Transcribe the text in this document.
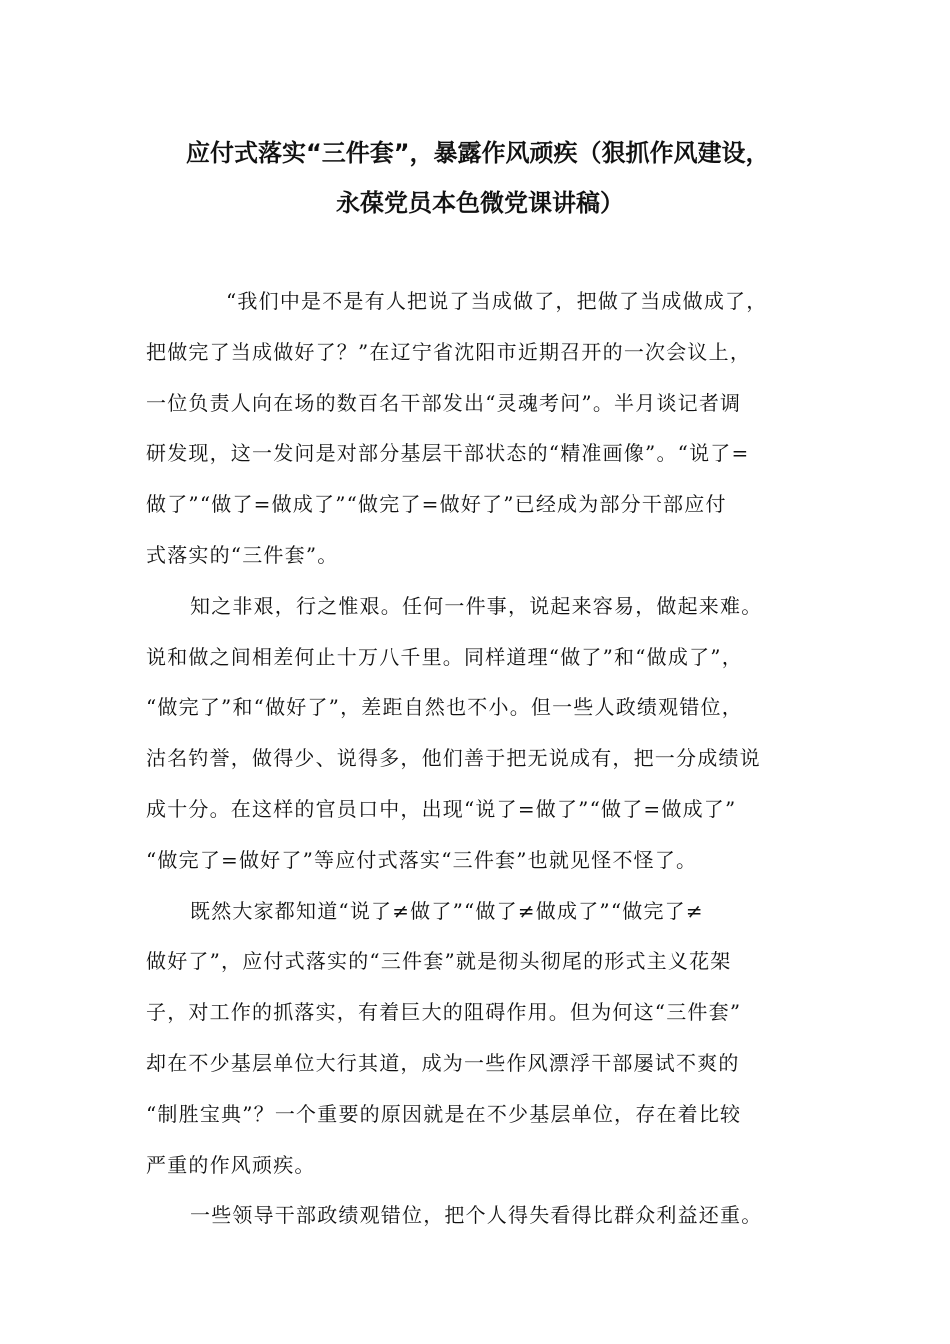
应付式落实“三件套”，暴露作风顽疾（狠抓作风建设，
永葆党员本色微党课讲稿）
“我们中是不是有人把说了当成做了，把做了当成做成了，
把做完了当成做好了？”在辽宁省沈阳市近期召开的一次会议上，
一位负责人向在场的数百名干部发出“灵魂考问”。半月谈记者调
研发现，这一发问是对部分基层干部状态的“精准画像”。“说了=
做了”“做了=做成了”“做完了=做好了”已经成为部分干部应付
式落实的“三件套”。
知之非艰，行之惟艰。任何一件事，说起来容易，做起来难。
说和做之间相差何止十万八千里。同样道理“做了”和“做成了”，
“做完了”和“做好了”，差距自然也不小。但一些人政绩观错位，
沽名钓誉，做得少、说得多，他们善于把无说成有，把一分成绩说
成十分。在这样的官员口中，出现“说了=做了”“做了=做成了”
“做完了=做好了”等应付式落实“三件套”也就见怪不怪了。
既然大家都知道“说了≠做了”“做了≠做成了”“做完了≠
做好了”，应付式落实的“三件套”就是彻头彻尾的形式主义花架
子，对工作的抓落实，有着巨大的阻碍作用。但为何这“三件套”
却在不少基层单位大行其道，成为一些作风漂浮干部屡试不爽的
“制胜宝典”？一个重要的原因就是在不少基层单位，存在着比较
严重的作风顽疾。
一些领导干部政绩观错位，把个人得失看得比群众利益还重。
